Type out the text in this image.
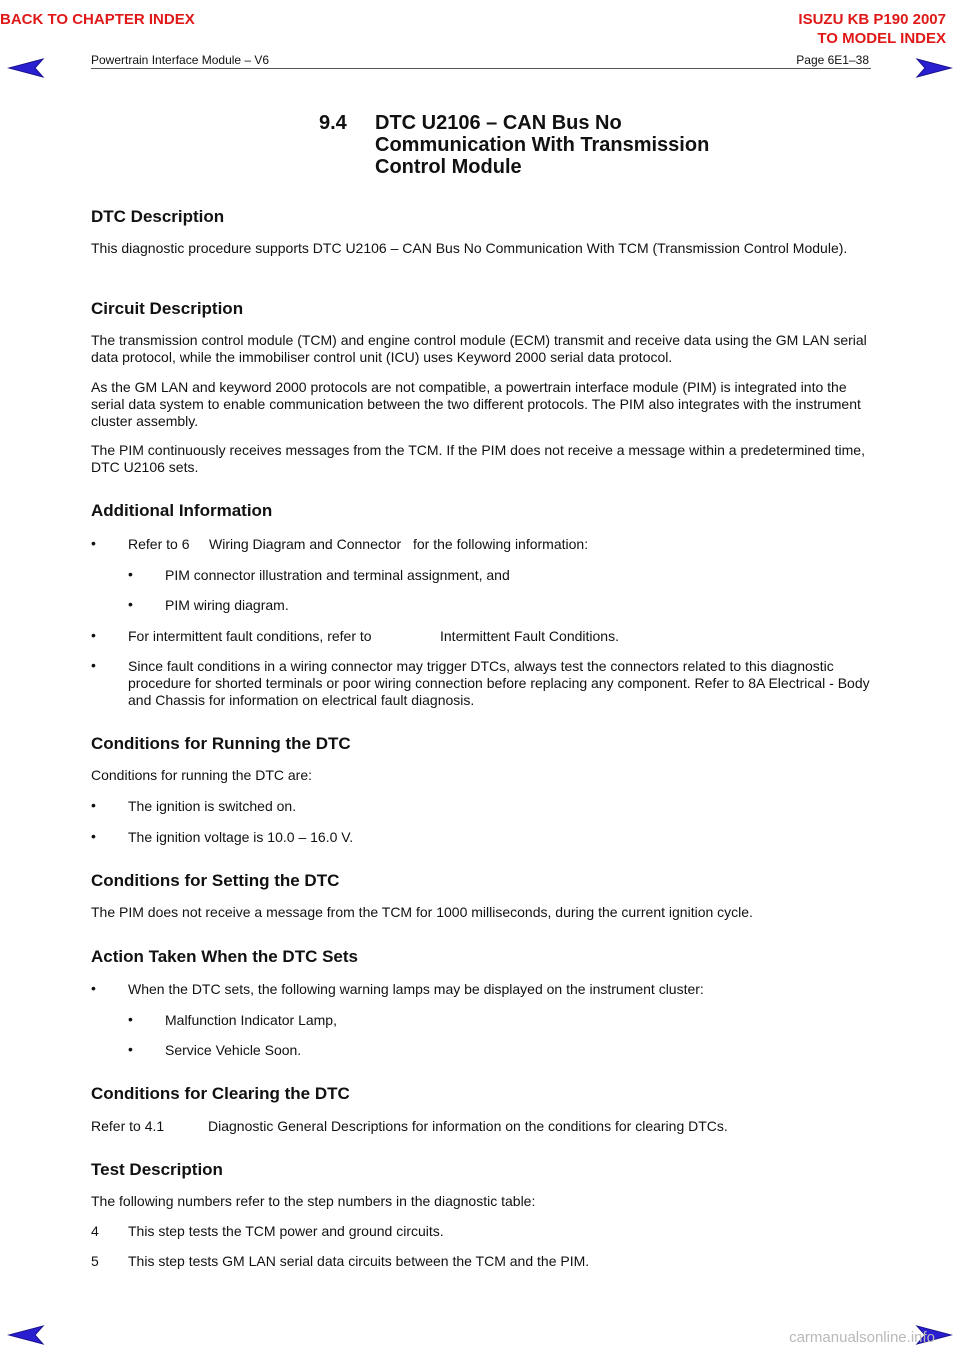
BACK TO CHAPTER INDEX	ISUZU KB P190 2007
TO MODEL INDEX
Powertrain Interface Module – V6	Page 6E1–38
9.4 DTC U2106 – CAN Bus No
Communication With Transmission
Control Module
DTC Description
This diagnostic procedure supports DTC U2106 – CAN Bus No Communication With TCM (Transmission Control Module).
Circuit Description
The transmission control module (TCM) and engine control module (ECM) transmit and receive data using the GM LAN serial data protocol, while the immobiliser control unit (ICU) uses Keyword 2000 serial data protocol.
As the GM LAN and keyword 2000 protocols are not compatible, a powertrain interface module (PIM) is integrated into the serial data system to enable communication between the two different protocols. The PIM also integrates with the instrument cluster assembly.
The PIM continuously receives messages from the TCM. If the PIM does not receive a message within a predetermined time, DTC U2106 sets.
Additional Information
• Refer to 6 Wiring Diagram and Connector for the following information:
• PIM connector illustration and terminal assignment, and
• PIM wiring diagram.
• For intermittent fault conditions, refer to	Intermittent Fault Conditions.
• Since fault conditions in a wiring connector may trigger DTCs, always test the connectors related to this diagnostic procedure for shorted terminals or poor wiring connection before replacing any component. Refer to 8A Electrical - Body and Chassis for information on electrical fault diagnosis.
Conditions for Running the DTC
Conditions for running the DTC are:
• The ignition is switched on.
• The ignition voltage is 10.0 – 16.0 V.
Conditions for Setting the DTC
The PIM does not receive a message from the TCM for 1000 milliseconds, during the current ignition cycle.
Action Taken When the DTC Sets
• When the DTC sets, the following warning lamps may be displayed on the instrument cluster:
• Malfunction Indicator Lamp,
• Service Vehicle Soon.
Conditions for Clearing the DTC
Refer to 4.1	Diagnostic General Descriptions for information on the conditions for clearing DTCs.
Test Description
The following numbers refer to the step numbers in the diagnostic table:
4 This step tests the TCM power and ground circuits.
5 This step tests GM LAN serial data circuits between the TCM and the PIM.
carmanualsonline.info
